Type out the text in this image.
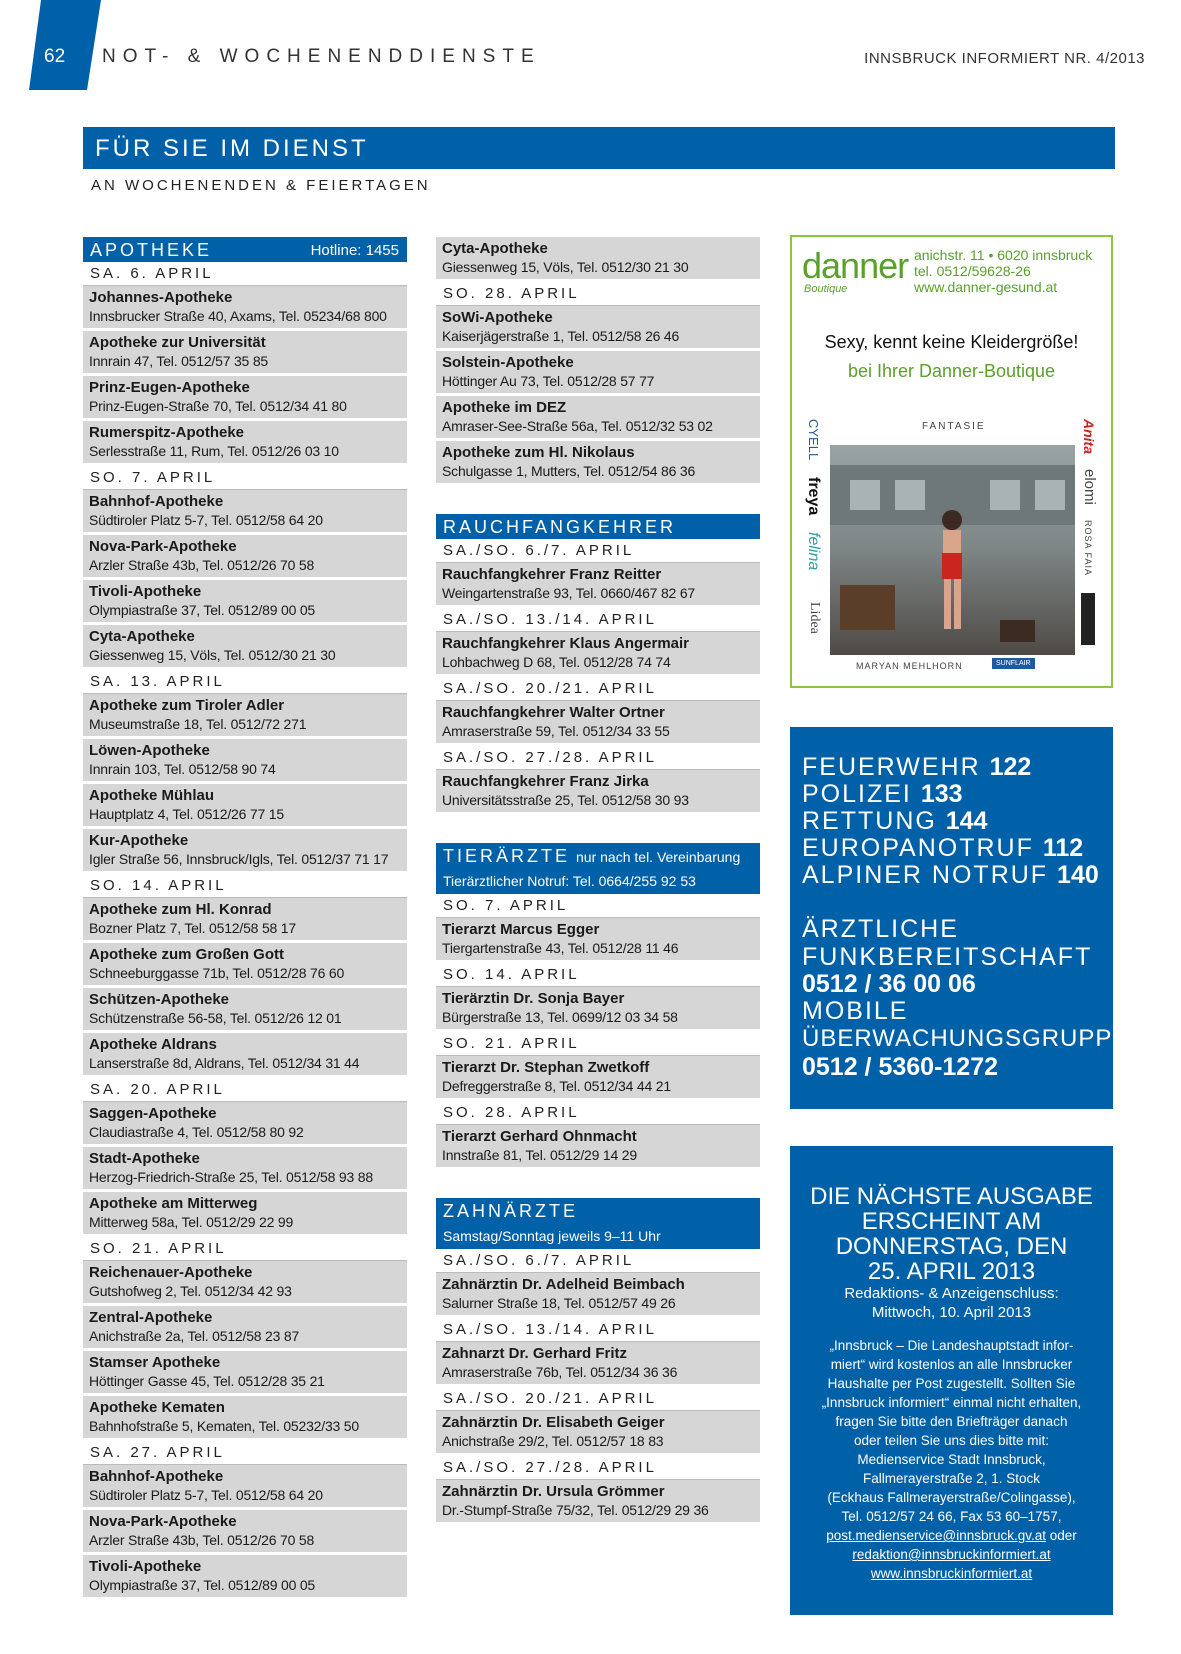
62 NOT- & WOCHENENDDIENSTE	INNSBRUCK INFORMIERT NR. 4/2013
FÜR SIE IM DIENST
AN WOCHENENDEN & FEIERTAGEN
APOTHEKE	Hotline: 1455
SA. 6. APRIL
Johannes-Apotheke
Innsbrucker Straße 40, Axams, Tel. 05234/68 800
Apotheke zur Universität
Innrain 47, Tel. 0512/57 35 85
Prinz-Eugen-Apotheke
Prinz-Eugen-Straße 70, Tel. 0512/34 41 80
Rumerspitz-Apotheke
Serlesstraße 11, Rum, Tel. 0512/26 03 10
SO. 7. APRIL
Bahnhof-Apotheke
Südtiroler Platz 5-7, Tel. 0512/58 64 20
Nova-Park-Apotheke
Arzler Straße 43b, Tel. 0512/26 70 58
Tivoli-Apotheke
Olympiastraße 37, Tel. 0512/89 00 05
Cyta-Apotheke
Giessenweg 15, Völs, Tel. 0512/30 21 30
SA. 13. APRIL
Apotheke zum Tiroler Adler
Museumstraße 18, Tel. 0512/72 271
Löwen-Apotheke
Innrain 103, Tel. 0512/58 90 74
Apotheke Mühlau
Hauptplatz 4, Tel. 0512/26 77 15
Kur-Apotheke
Igler Straße 56, Innsbruck/Igls, Tel. 0512/37 71 17
SO. 14. APRIL
Apotheke zum Hl. Konrad
Bozner Platz 7, Tel. 0512/58 58 17
Apotheke zum Großen Gott
Schneeburggasse 71b, Tel. 0512/28 76 60
Schützen-Apotheke
Schützenstraße 56-58, Tel. 0512/26 12 01
Apotheke Aldrans
Lanserstraße 8d, Aldrans, Tel. 0512/34 31 44
SA. 20. APRIL
Saggen-Apotheke
Claudiastraße 4, Tel. 0512/58 80 92
Stadt-Apotheke
Herzog-Friedrich-Straße 25, Tel. 0512/58 93 88
Apotheke am Mitterweg
Mitterweg 58a, Tel. 0512/29 22 99
SO. 21. APRIL
Reichenauer-Apotheke
Gutshofweg 2, Tel. 0512/34 42 93
Zentral-Apotheke
Anichstraße 2a, Tel. 0512/58 23 87
Stamser Apotheke
Höttinger Gasse 45, Tel. 0512/28 35 21
Apotheke Kematen
Bahnhofstraße 5, Kematen, Tel. 05232/33 50
SA. 27. APRIL
Bahnhof-Apotheke
Südtiroler Platz 5-7, Tel. 0512/58 64 20
Nova-Park-Apotheke
Arzler Straße 43b, Tel. 0512/26 70 58
Tivoli-Apotheke
Olympiastraße 37, Tel. 0512/89 00 05
Cyta-Apotheke
Giessenweg 15, Völs, Tel. 0512/30 21 30
SO. 28. APRIL
SoWi-Apotheke
Kaiserjägerstraße 1, Tel. 0512/58 26 46
Solstein-Apotheke
Höttinger Au 73, Tel. 0512/28 57 77
Apotheke im DEZ
Amraser-See-Straße 56a, Tel. 0512/32 53 02
Apotheke zum Hl. Nikolaus
Schulgasse 1, Mutters, Tel. 0512/54 86 36
RAUCHFANGKEHRER
SA./SO. 6./7. APRIL
Rauchfangkehrer Franz Reitter
Weingartenstraße 93, Tel. 0660/467 82 67
SA./SO. 13./14. APRIL
Rauchfangkehrer Klaus Angermair
Lohbachweg D 68, Tel. 0512/28 74 74
SA./SO. 20./21. APRIL
Rauchfangkehrer Walter Ortner
Amraserstraße 59, Tel. 0512/34 33 55
SA./SO. 27./28. APRIL
Rauchfangkehrer Franz Jirka
Universitätsstraße 25, Tel. 0512/58 30 93
TIERÄRZTE nur nach tel. Vereinbarung
Tierärztlicher Notruf: Tel. 0664/255 92 53
SO. 7. APRIL
Tierarzt Marcus Egger
Tiergartenstraße 43, Tel. 0512/28 11 46
SO. 14. APRIL
Tierärztin Dr. Sonja Bayer
Bürgerstraße 13, Tel. 0699/12 03 34 58
SO. 21. APRIL
Tierarzt Dr. Stephan Zwetkoff
Defreggerstraße 8, Tel. 0512/34 44 21
SO. 28. APRIL
Tierarzt Gerhard Ohnmacht
Innstraße 81, Tel. 0512/29 14 29
ZAHNÄRZTE
Samstag/Sonntag jeweils 9–11 Uhr
SA./SO. 6./7. APRIL
Zahnärztin Dr. Adelheid Beimbach
Salurner Straße 18, Tel. 0512/57 49 26
SA./SO. 13./14. APRIL
Zahnarzt Dr. Gerhard Fritz
Amraserstraße 76b, Tel. 0512/34 36 36
SA./SO. 20./21. APRIL
Zahnärztin Dr. Elisabeth Geiger
Anichstraße 29/2, Tel. 0512/57 18 83
SA./SO. 27./28. APRIL
Zahnärztin Dr. Ursula Grömmer
Dr.-Stumpf-Straße 75/32, Tel. 0512/29 29 36
danner
Boutique
anichstr. 11 • 6020 innsbruck
tel. 0512/59628-26
www.danner-gesund.at
Sexy, kennt keine Kleidergröße!
bei Ihrer Danner-Boutique
FANTASIE
CYELL
freya
felina
Lidea
Anita
elomi
ROSA FAIA
MARYAN MEHLHORN	SUNFLAIR
FEUERWEHR 122
POLIZEI 133
RETTUNG 144
EUROPANOTRUF 112
ALPINER NOTRUF 140
ÄRZTLICHE
FUNKBEREITSCHAFT
0512 / 36 00 06
MOBILE
ÜBERWACHUNGSGRUPPE
0512 / 5360-1272
DIE NÄCHSTE AUSGABE
ERSCHEINT AM
DONNERSTAG, DEN
25. APRIL 2013
Redaktions- & Anzeigenschluss:
Mittwoch, 10. April 2013
„Innsbruck – Die Landeshauptstadt infor-
miert“ wird kostenlos an alle Innsbrucker
Haushalte per Post zugestellt. Sollten Sie
„Innsbruck informiert“ einmal nicht erhalten,
fragen Sie bitte den Briefträger danach
oder teilen Sie uns dies bitte mit:
Medienservice Stadt Innsbruck,
Fallmerayerstraße 2, 1. Stock
(Eckhaus Fallmerayerstraße/Colingasse),
Tel. 0512/57 24 66, Fax 53 60–1757,
post.medienservice@innsbruck.gv.at oder
redaktion@innsbruckinformiert.at
www.innsbruckinformiert.at
